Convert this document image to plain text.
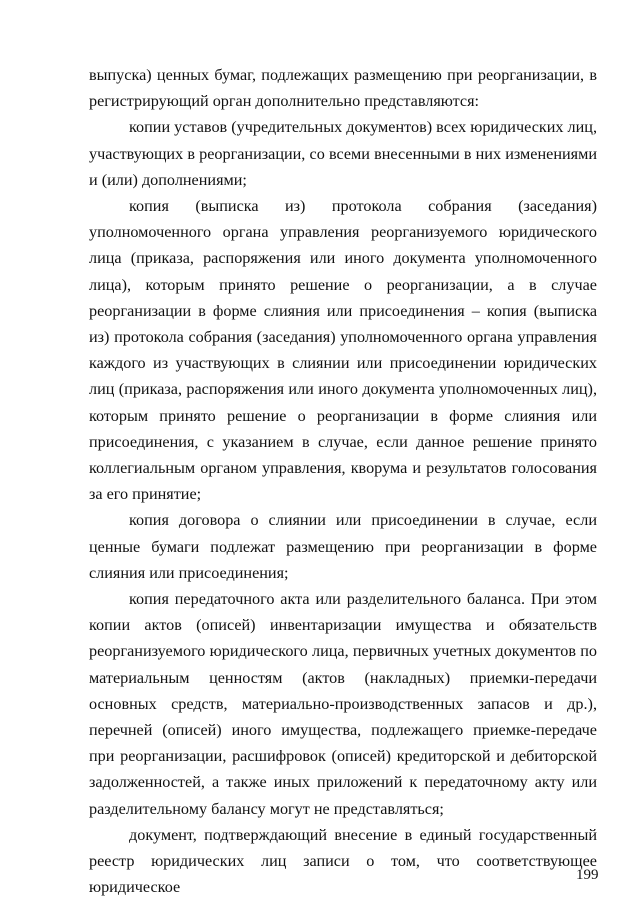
выпуска) ценных бумаг, подлежащих размещению при реорганизации, в регистрирующий орган дополнительно представляются:

копии уставов (учредительных документов) всех юридических лиц, участвующих в реорганизации, со всеми внесенными в них изменениями и (или) дополнениями;

копия (выписка из) протокола собрания (заседания) уполномоченного органа управления реорганизуемого юридического лица (приказа, распоряжения или иного документа уполномоченного лица), которым принято решение о реорганизации, а в случае реорганизации в форме слияния или присоединения – копия (выписка из) протокола собрания (заседания) уполномоченного органа управления каждого из участвующих в слиянии или присоединении юридических лиц (приказа, распоряжения или иного документа уполномоченных лиц), которым принято решение о реорганизации в форме слияния или присоединения, с указанием в случае, если данное решение принято коллегиальным органом управления, кворума и результатов голосования за его принятие;

копия договора о слиянии или присоединении в случае, если ценные бумаги подлежат размещению при реорганизации в форме слияния или присоединения;

копия передаточного акта или разделительного баланса. При этом копии актов (описей) инвентаризации имущества и обязательств реорганизуемого юридического лица, первичных учетных документов по материальным ценностям (актов (накладных) приемки-передачи основных средств, материально-производственных запасов и др.), перечней (описей) иного имущества, подлежащего приемке-передаче при реорганизации, расшифровок (описей) кредиторской и дебиторской задолженностей, а также иных приложений к передаточному акту или разделительному балансу могут не представляться;

документ, подтверждающий внесение в единый государственный реестр юридических лиц записи о том, что соответствующее юридическое

199
